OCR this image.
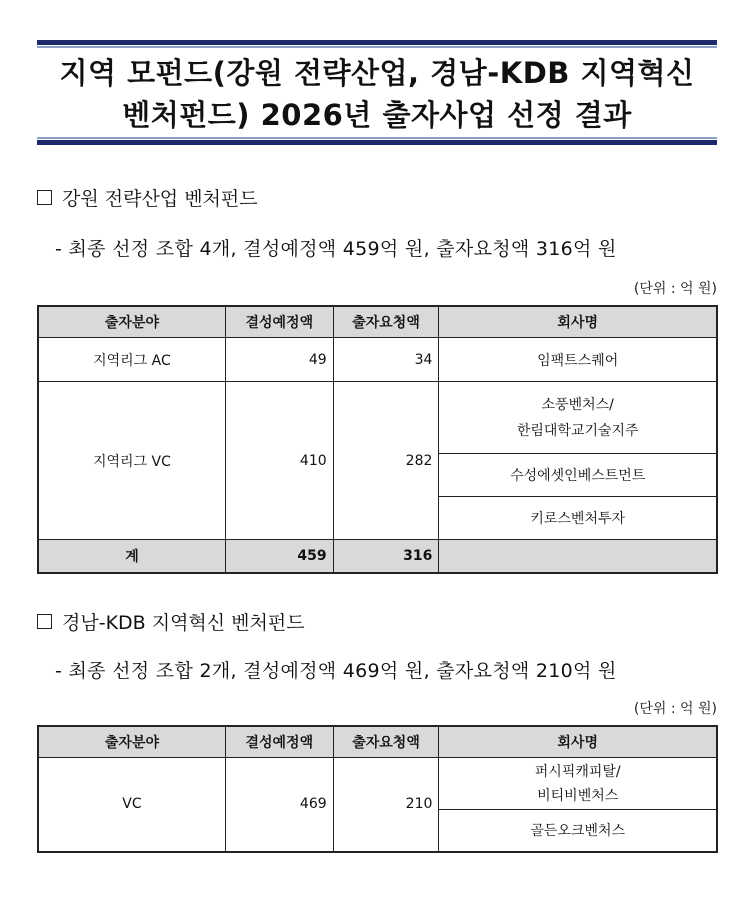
지역 모펀드(강원 전략산업, 경남-KDB 지역혁신
벤처펀드) 2026년 출자사업 선정 결과
강원 전략산업 벤처펀드
- 최종 선정 조합 4개, 결성예정액 459억 원, 출자요청액 316억 원
(단위 : 억 원)
출자분야	결성예정액	출자요청액	회사명
지역리그 AC	49	34	임팩트스퀘어
지역리그 VC	410	282	소풍벤처스/
한림대학교기술지주
			수성에셋인베스트먼트
			키로스벤처투자
계	459	316	
경남-KDB 지역혁신 벤처펀드
- 최종 선정 조합 2개, 결성예정액 469억 원, 출자요청액 210억 원
(단위 : 억 원)
출자분야	결성예정액	출자요청액	회사명
VC	469	210	퍼시픽캐피탈/
비티비벤처스
			골든오크벤처스
